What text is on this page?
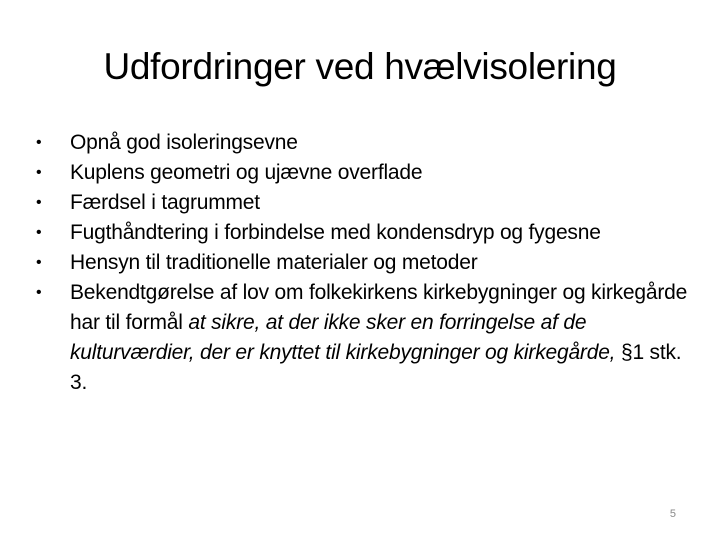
Udfordringer ved hvælvisolering
• Opnå god isoleringsevne
• Kuplens geometri og ujævne overflade
• Færdsel i tagrummet
• Fugthåndtering i forbindelse med kondensdryp og fygesne
• Hensyn til traditionelle materialer og metoder
• Bekendtgørelse af lov om folkekirkens kirkebygninger og kirkegårde har til formål at sikre, at der ikke sker en forringelse af de kulturværdier, der er knyttet til kirkebygninger og kirkegårde, §1 stk. 3.
5
